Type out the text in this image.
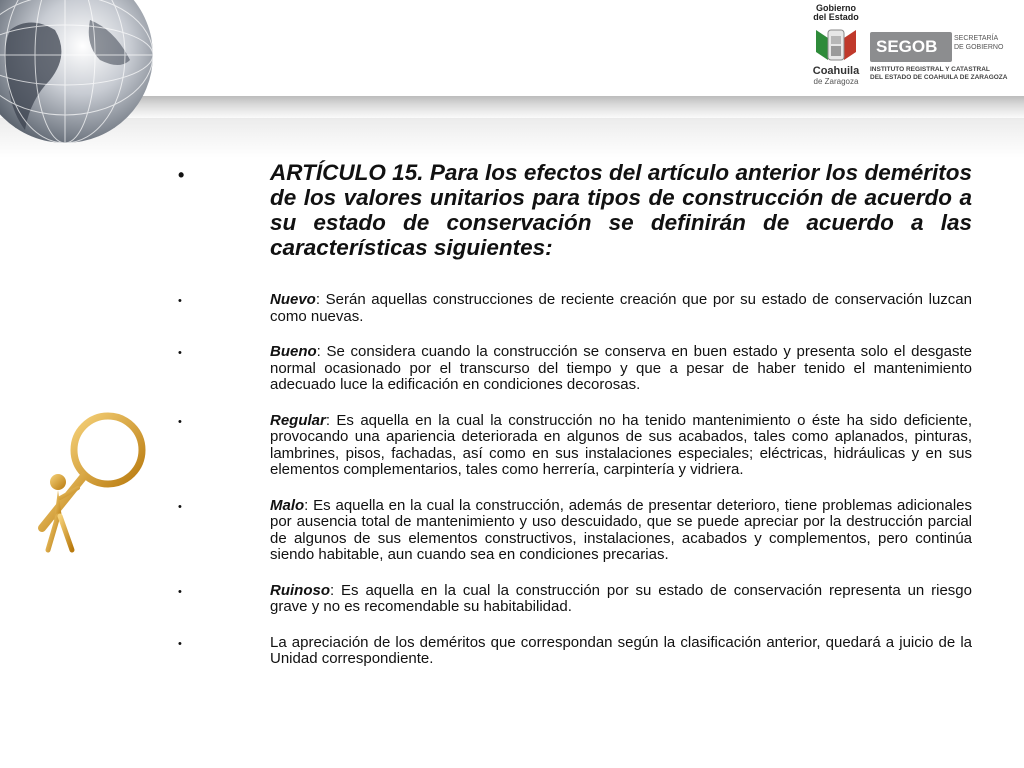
Gobierno
del Estado
Coahuila
de Zaragoza
SEGOB	SECRETARÍA
DE GOBIERNO
INSTITUTO REGISTRAL Y CATASTRAL
DEL ESTADO DE COAHUILA DE ZARAGOZA
•	ARTÍCULO 15. Para los efectos del artículo anterior los deméritos de los valores unitarios para tipos de construcción de acuerdo a su estado de conservación se definirán de acuerdo a las características siguientes:
•	Nuevo: Serán aquellas construcciones de reciente creación que por su estado de conservación luzcan como nuevas.
•	Bueno: Se considera cuando la construcción se conserva en buen estado y presenta solo el desgaste normal ocasionado por el transcurso del tiempo y que a pesar de haber tenido el mantenimiento adecuado luce la edificación en condiciones decorosas.
•	Regular: Es aquella en la cual la construcción no ha tenido mantenimiento o éste ha sido deficiente, provocando una apariencia deteriorada en algunos de sus acabados, tales como aplanados, pinturas, lambrines, pisos, fachadas, así como en sus instalaciones especiales; eléctricas, hidráulicas y en sus elementos complementarios, tales como herrería, carpintería y vidriera.
•	Malo: Es aquella en la cual la construcción, además de presentar deterioro, tiene problemas adicionales por ausencia total de mantenimiento y uso descuidado, que se puede apreciar por la destrucción parcial de algunos de sus elementos constructivos, instalaciones, acabados y complementos, pero continúa siendo habitable, aun cuando sea en condiciones precarias.
•	Ruinoso: Es aquella en la cual la construcción por su estado de conservación representa un riesgo grave y no es recomendable su habitabilidad.
•	La apreciación de los deméritos que correspondan según la clasificación anterior, quedará a juicio de la Unidad correspondiente.
